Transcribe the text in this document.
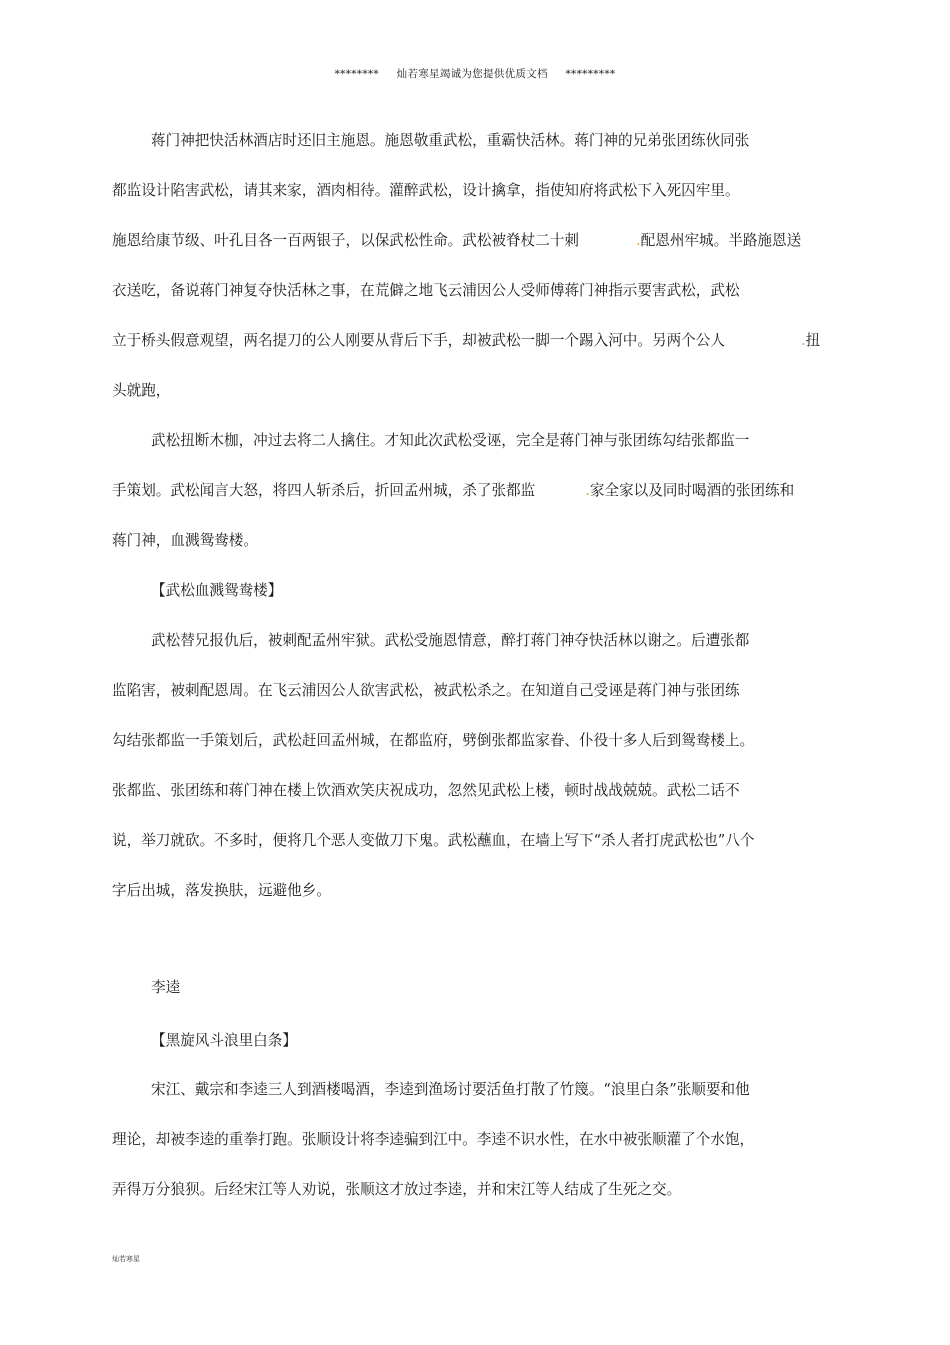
******** 灿若寒星竭诚为您提供优质文档 *********
蒋门神把快活林酒店时还旧主施恩。施恩敬重武松，重霸快活林。蒋门神的兄弟张团练伙同张
都监设计陷害武松，请其来家，酒肉相待。灌醉武松，设计擒拿，指使知府将武松下入死囚牢里。
施恩给康节级、叶孔目各一百两银子，以保武松性命。武松被脊杖二十刺	.配恩州牢城。半路施恩送
衣送吃，备说蒋门神复夺快活林之事，在荒僻之地飞云浦因公人受师傅蒋门神指示要害武松，武松
立于桥头假意观望，两名提刀的公人刚要从背后下手，却被武松一脚一个踢入河中。另两个公人	.扭
头就跑，
武松扭断木枷，冲过去将二人擒住。才知此次武松受诬，完全是蒋门神与张团练勾结张都监一
手策划。武松闻言大怒，将四人斩杀后，折回孟州城，杀了张都监	.家全家以及同时喝酒的张团练和
蒋门神，血溅鸳鸯楼。
【武松血溅鸳鸯楼】
武松替兄报仇后，被刺配孟州牢狱。武松受施恩情意，醉打蒋门神夺快活林以谢之。后遭张都
监陷害，被刺配恩周。在飞云浦因公人欲害武松，被武松杀之。在知道自己受诬是蒋门神与张团练
勾结张都监一手策划后，武松赶回孟州城，在都监府，劈倒张都监家眷、仆役十多人后到鸳鸯楼上。
张都监、张团练和蒋门神在楼上饮酒欢笑庆祝成功，忽然见武松上楼，顿时战战兢兢。武松二话不
说，举刀就砍。不多时，便将几个恶人变做刀下鬼。武松蘸血，在墙上写下“杀人者打虎武松也”八个
字后出城，落发换肤，远避他乡。
李逵
【黑旋风斗浪里白条】
宋江、戴宗和李逵三人到酒楼喝酒，李逵到渔场讨要活鱼打散了竹篾。“浪里白条”张顺要和他
理论，却被李逵的重拳打跑。张顺设计将李逵骗到江中。李逵不识水性，在水中被张顺灌了个水饱，
弄得万分狼狈。后经宋江等人劝说，张顺这才放过李逵，并和宋江等人结成了生死之交。
灿若寒星
